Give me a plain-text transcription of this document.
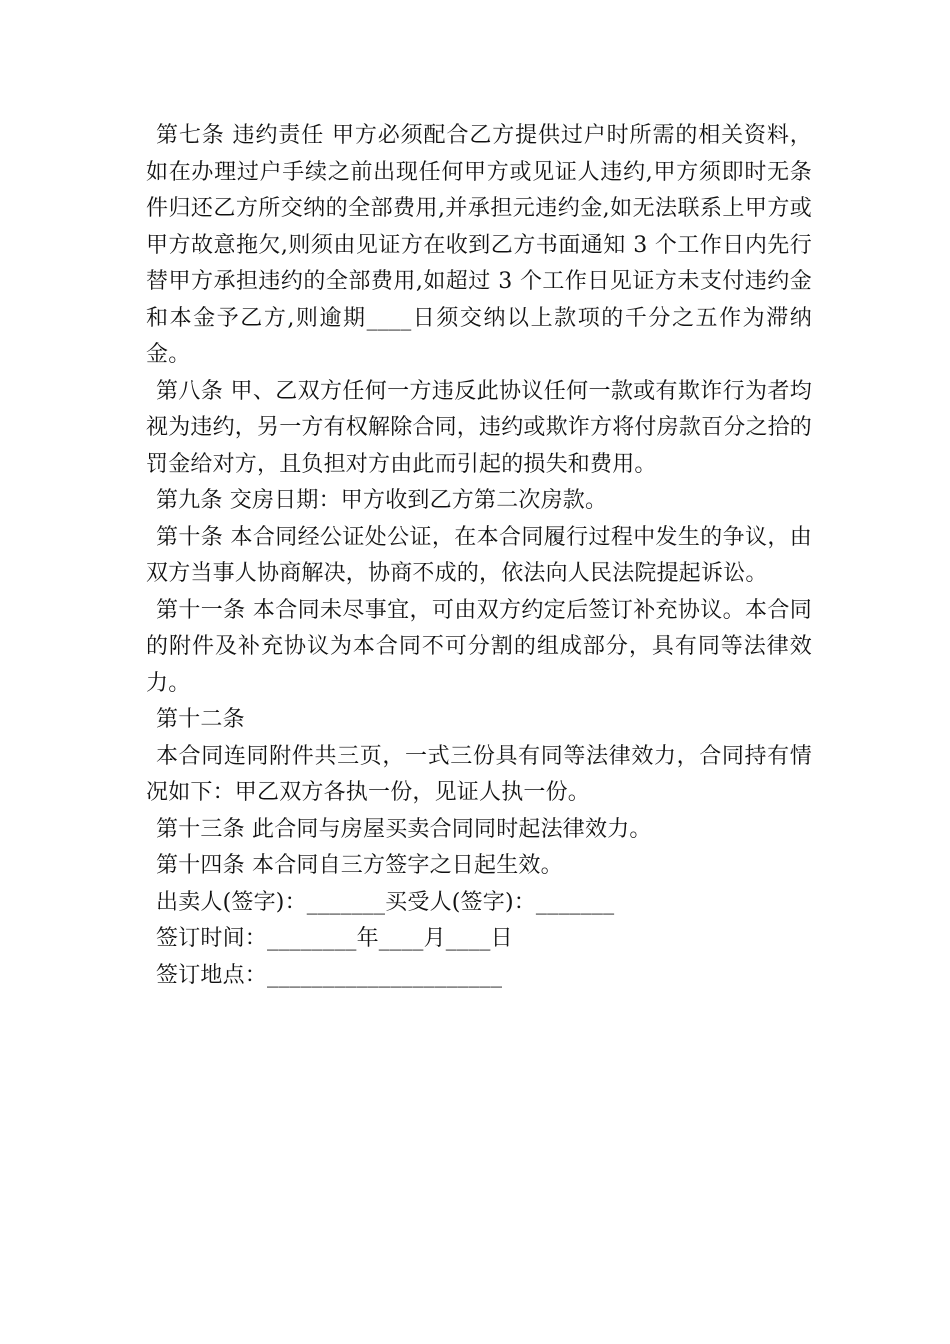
第七条 违约责任 甲方必须配合乙方提供过户时所需的相关资料，如在办理过户手续之前出现任何甲方或见证人违约,甲方须即时无条件归还乙方所交纳的全部费用,并承担元违约金,如无法联系上甲方或甲方故意拖欠,则须由见证方在收到乙方书面通知 3 个工作日内先行替甲方承担违约的全部费用,如超过 3 个工作日见证方未支付违约金和本金予乙方,则逾期____日须交纳以上款项的千分之五作为滞纳金。

第八条 甲、乙双方任何一方违反此协议任何一款或有欺诈行为者均视为违约，另一方有权解除合同，违约或欺诈方将付房款百分之拾的罚金给对方，且负担对方由此而引起的损失和费用。

第九条 交房日期：甲方收到乙方第二次房款。

第十条 本合同经公证处公证，在本合同履行过程中发生的争议，由双方当事人协商解决，协商不成的，依法向人民法院提起诉讼。

第十一条 本合同未尽事宜，可由双方约定后签订补充协议。本合同的附件及补充协议为本合同不可分割的组成部分，具有同等法律效力。

第十二条

本合同连同附件共三页，一式三份具有同等法律效力，合同持有情况如下：甲乙双方各执一份，见证人执一份。

第十三条 此合同与房屋买卖合同同时起法律效力。

第十四条 本合同自三方签字之日起生效。

出卖人(签字)：_______买受人(签字)：_______

签订时间：________年____月____日

签订地点：_____________________
